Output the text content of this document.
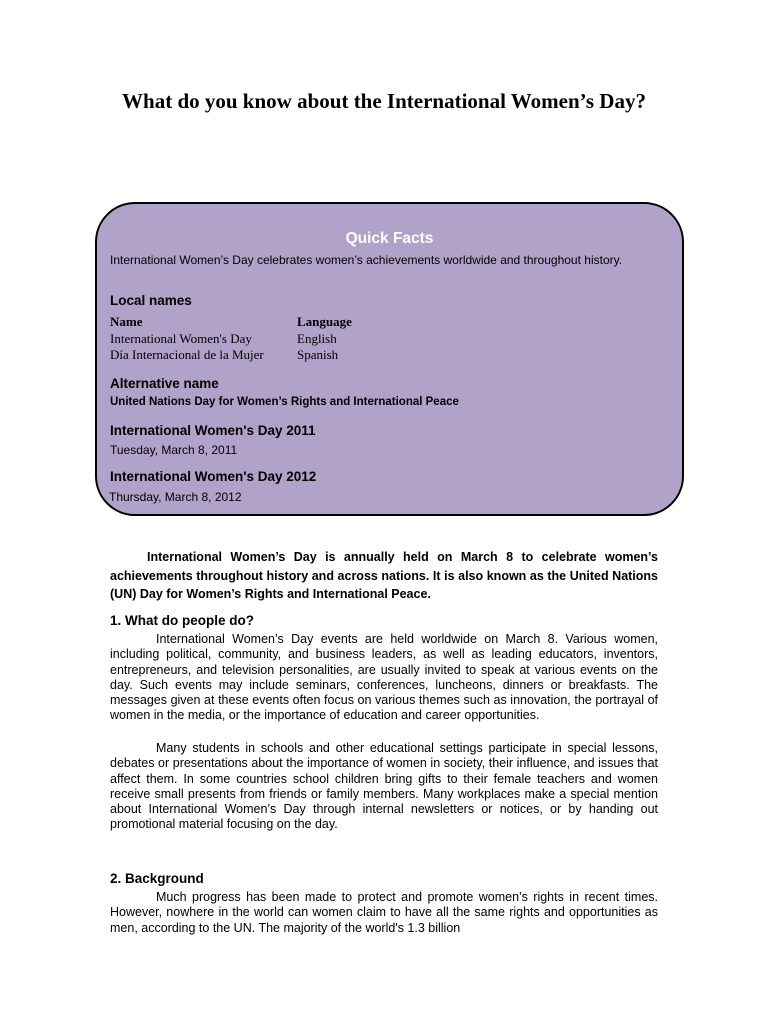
What do you know about the International Women’s Day?
Quick Facts

International Women’s Day celebrates women’s achievements worldwide and throughout history.

Local names
Name	Language
International Women's Day	English
Día Internacional de la Mujer	Spanish
Alternative name

United Nations Day for Women’s Rights and International Peace

International Women's Day 2011

Tuesday, March 8, 2011

International Women's Day 2012

Thursday, March 8, 2012

International Women’s Day is annually held on March 8 to celebrate women’s achievements throughout history and across nations. It is also known as the United Nations (UN) Day for Women’s Rights and International Peace.

1. What do people do?

International Women’s Day events are held worldwide on March 8. Various women, including political, community, and business leaders, as well as leading educators, inventors, entrepreneurs, and television personalities, are usually invited to speak at various events on the day. Such events may include seminars, conferences, luncheons, dinners or breakfasts. The messages given at these events often focus on various themes such as innovation, the portrayal of women in the media, or the importance of education and career opportunities.

Many students in schools and other educational settings participate in special lessons, debates or presentations about the importance of women in society, their influence, and issues that affect them. In some countries school children bring gifts to their female teachers and women receive small presents from friends or family members. Many workplaces make a special mention about International Women’s Day through internal newsletters or notices, or by handing out promotional material focusing on the day.

2. Background

Much progress has been made to protect and promote women’s rights in recent times. However, nowhere in the world can women claim to have all the same rights and opportunities as men, according to the UN. The majority of the world's 1.3 billion
